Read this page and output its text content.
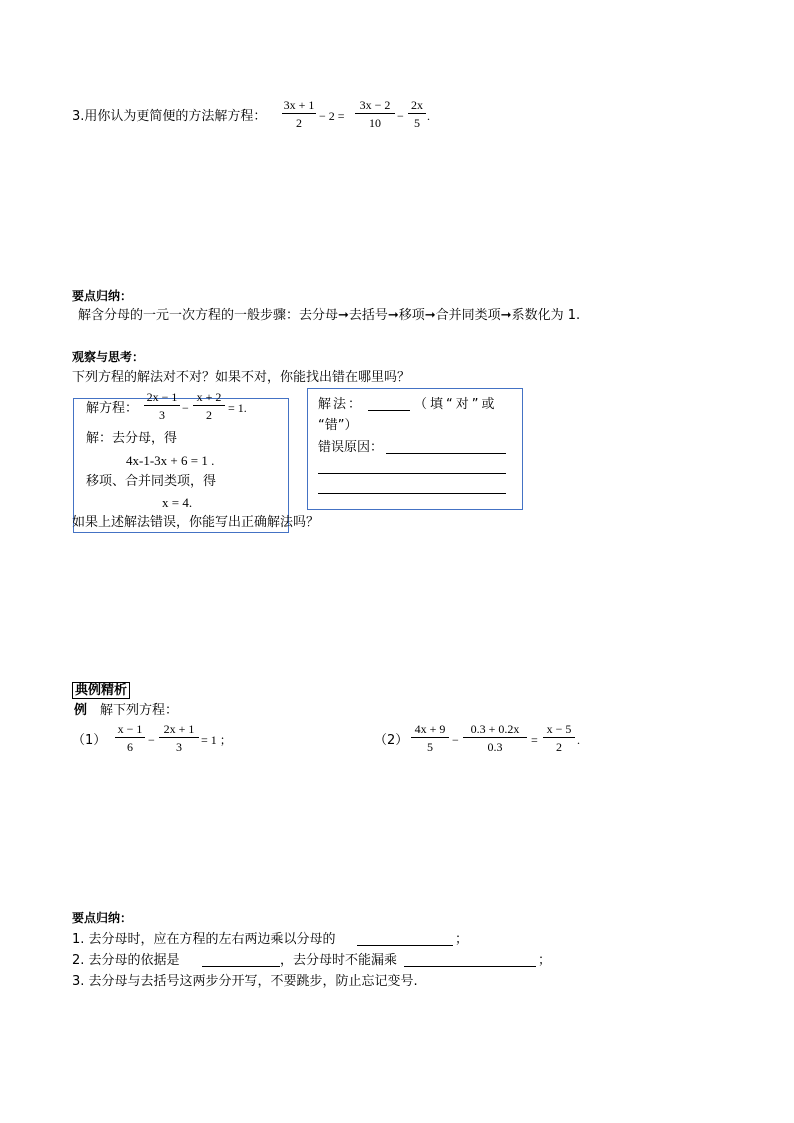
3.用你认为更简便的方法解方程：
3x + 1
2	− 2 =
3x − 2
10	−
2x
5 .
要点归纳：
解含分母的一元一次方程的一般步骤：去分母➞去括号➞移项➞合并同类项➞系数化为 1.
观察与思考：
下列方程的解法对不对？如果不对，你能找出错在哪里吗？
解方程：
2x − 1
3	−
x + 2
2	= 1.
解：去分母，得
4x-1-3x + 6 = 1 .
移项、合并同类项，得
x = 4.
解法：	（填“对”或
“错”）
错误原因：
如果上述解法错误，你能写出正确解法吗？
典例精析
例 解下列方程：
（1）
x − 1
6	−
2x + 1
3	= 1 ；	（2）
4x + 9
5	−
0.3 + 0.2x
0.3	=
x − 5
2	.
要点归纳：
1. 去分母时，应在方程的左右两边乘以分母的	；
2. 去分母的依据是	，去分母时不能漏乘	；
3. 去分母与去括号这两步分开写，不要跳步，防止忘记变号.
